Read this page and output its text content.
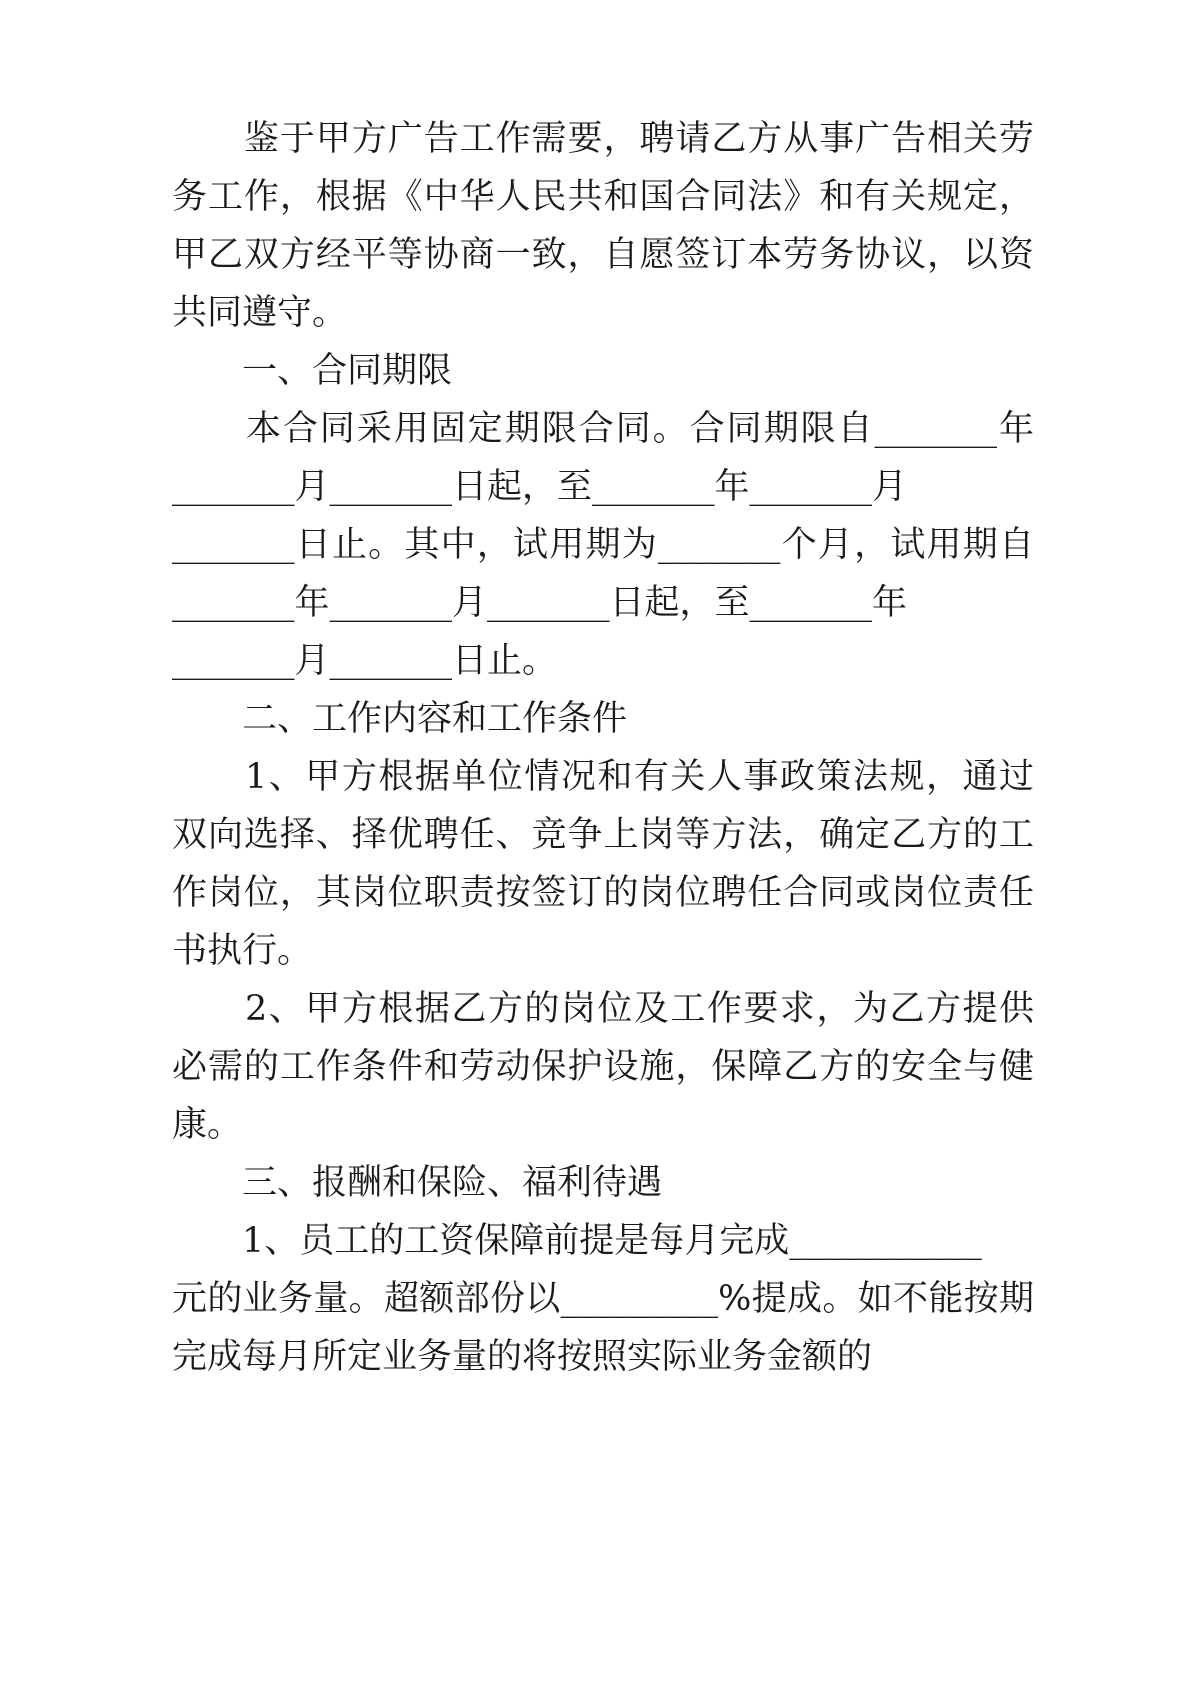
　　鉴于甲方广告工作需要，聘请乙方从事广告相关劳
务工作，根据《中华人民共和国合同法》和有关规定，
甲乙双方经平等协商一致，自愿签订本劳务协议，以资
共同遵守。
　　一、合同期限
　　本合同采用固定期限合同。合同期限自_______年
_______月_______日起，至_______年_______月
_______日止。其中，试用期为_______个月，试用期自
_______年_______月_______日起，至_______年
_______月_______日止。
　　二、工作内容和工作条件
　　1、甲方根据单位情况和有关人事政策法规，通过
双向选择、择优聘任、竞争上岗等方法，确定乙方的工
作岗位，其岗位职责按签订的岗位聘任合同或岗位责任
书执行。
　　2、甲方根据乙方的岗位及工作要求，为乙方提供
必需的工作条件和劳动保护设施，保障乙方的安全与健
康。
　　三、报酬和保险、福利待遇
　　1、员工的工资保障前提是每月完成___________
元的业务量。超额部份以_________%提成。如不能按期
完成每月所定业务量的将按照实际业务金额的
